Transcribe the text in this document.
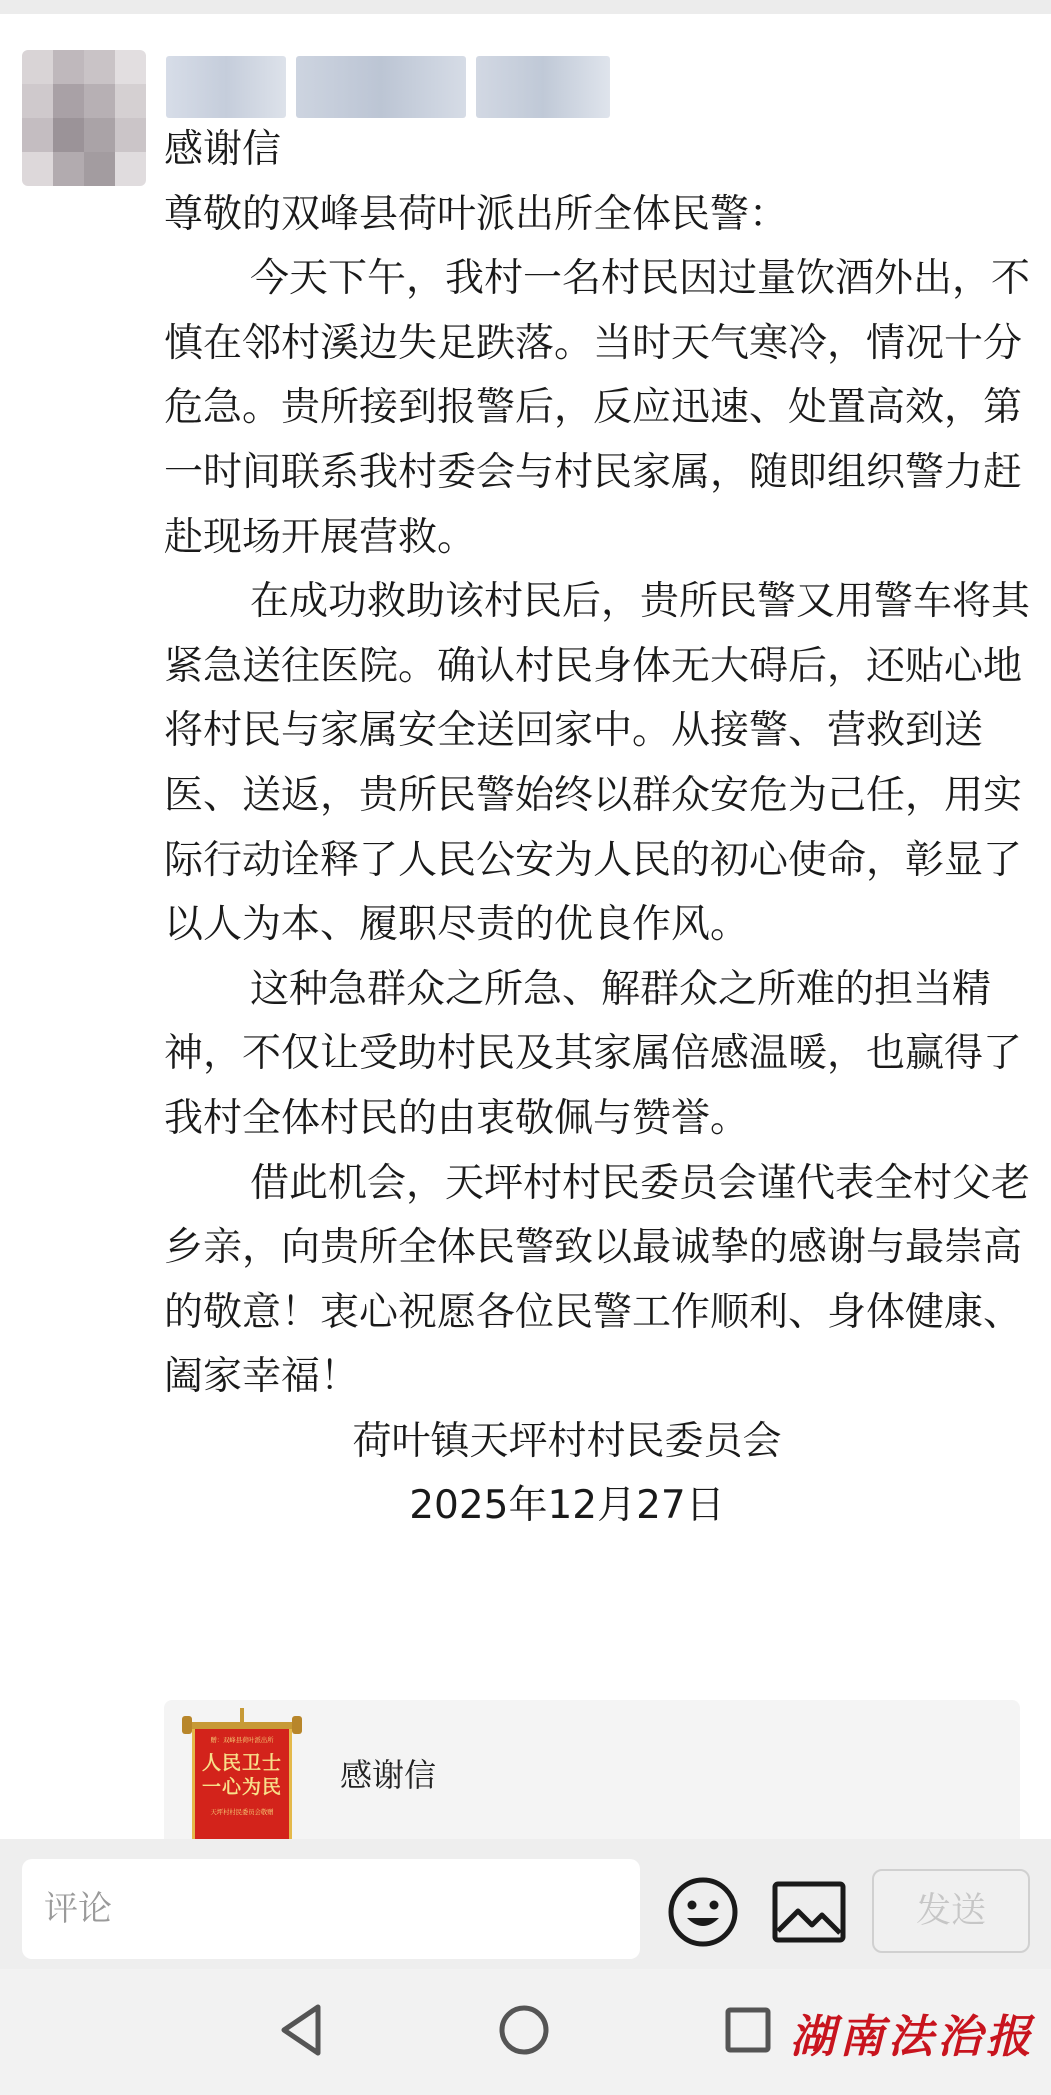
感谢信

尊敬的双峰县荷叶派出所全体民警：

今天下午，我村一名村民因过量饮酒外出，不慎在邻村溪边失足跌落。当时天气寒冷，情况十分危急。贵所接到报警后，反应迅速、处置高效，第一时间联系我村委会与村民家属，随即组织警力赶赴现场开展营救。

在成功救助该村民后，贵所民警又用警车将其紧急送往医院。确认村民身体无大碍后，还贴心地将村民与家属安全送回家中。从接警、营救到送医、送返，贵所民警始终以群众安危为己任，用实际行动诠释了人民公安为人民的初心使命，彰显了以人为本、履职尽责的优良作风。

这种急群众之所急、解群众之所难的担当精神，不仅让受助村民及其家属倍感温暖，也赢得了我村全体村民的由衷敬佩与赞誉。

借此机会，天坪村村民委员会谨代表全村父老乡亲，向贵所全体民警致以最诚挚的感谢与最崇高的敬意！衷心祝愿各位民警工作顺利、身体健康、阖家幸福！

荷叶镇天坪村村民委员会

2025年12月27日

赠：双峰县荷叶派出所
人民卫士
一心为民
天坪村村民委员会敬赠
感谢信
评论	发送
湖南法治报
